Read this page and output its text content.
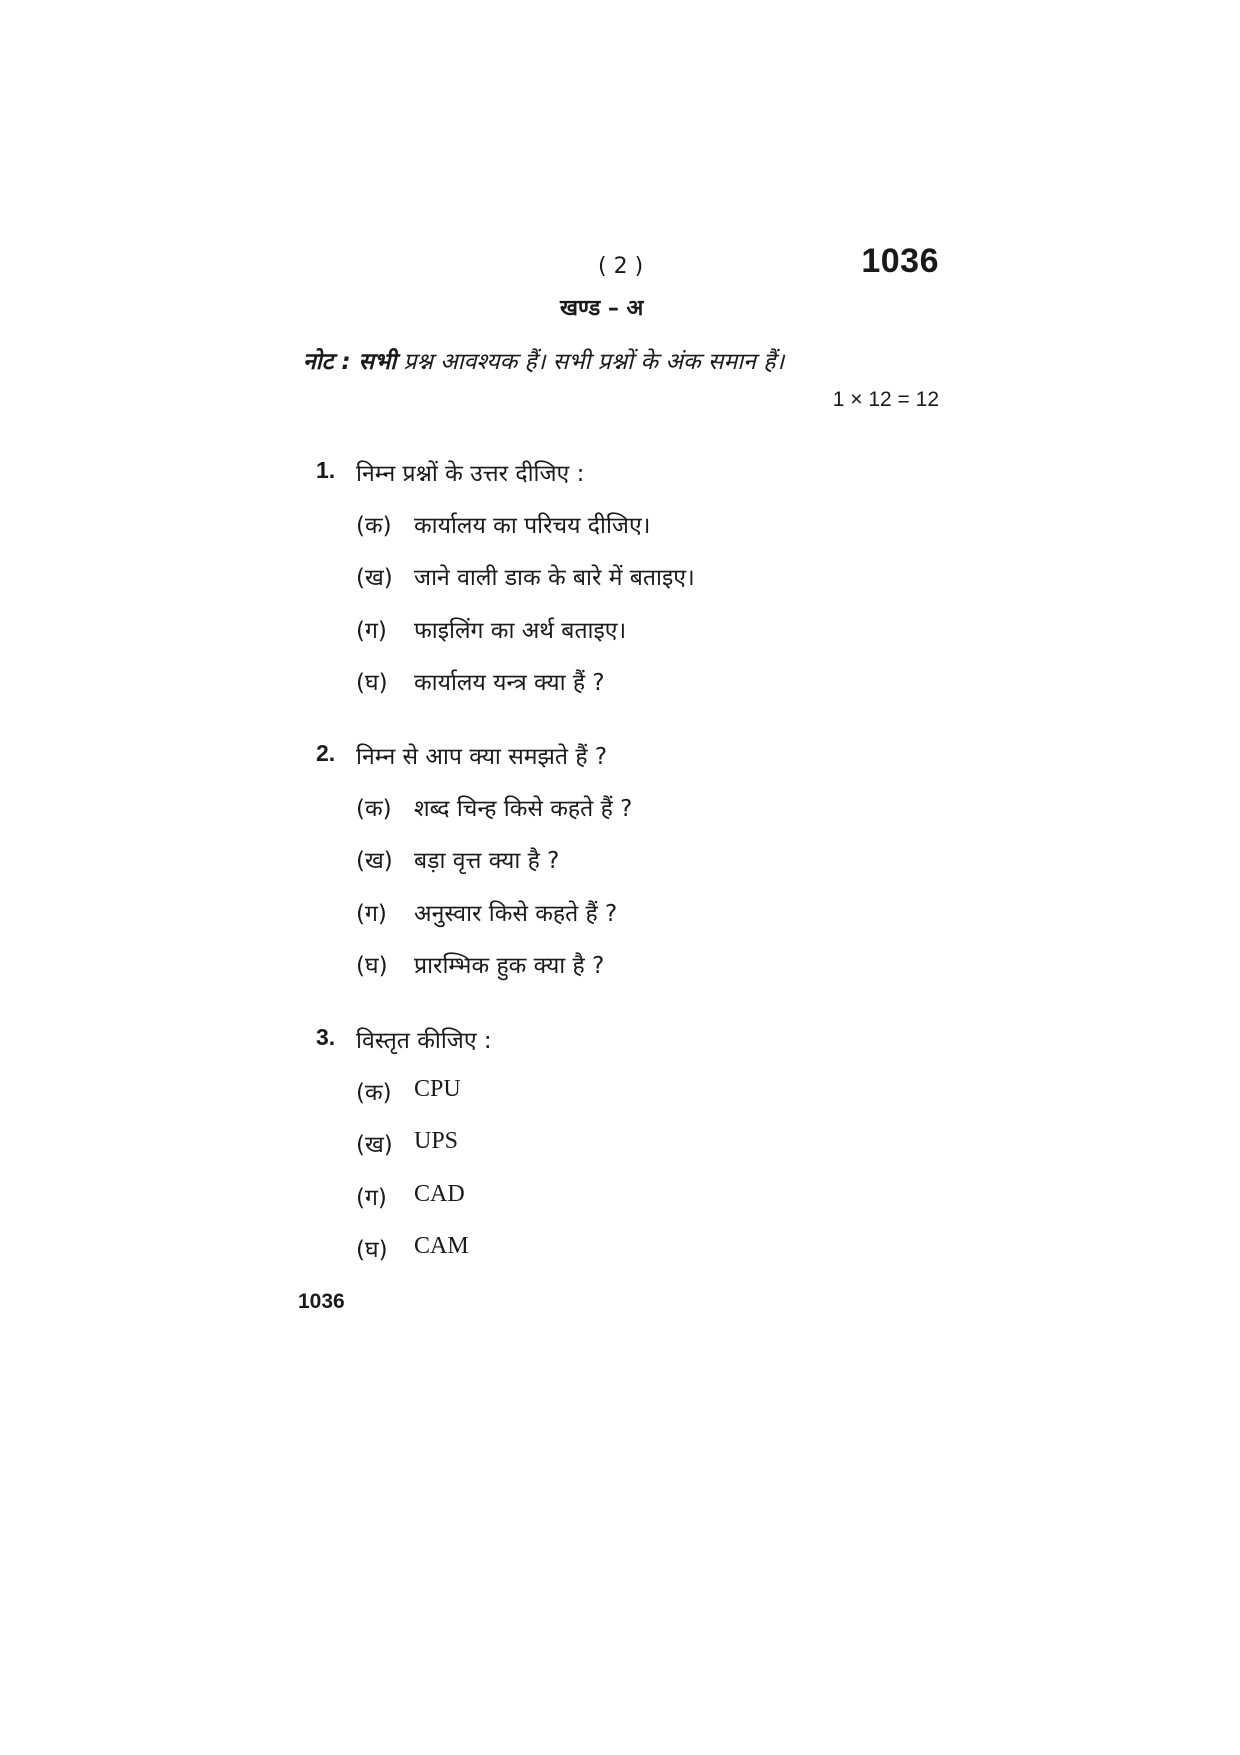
( 2 )	1036
खण्ड – अ
नोट : सभी प्रश्न आवश्यक हैं। सभी प्रश्नों के अंक समान हैं।
1 × 12 = 12
1. निम्न प्रश्नों के उत्तर दीजिए :
(क) कार्यालय का परिचय दीजिए।
(ख) जाने वाली डाक के बारे में बताइए।
(ग) फाइलिंग का अर्थ बताइए।
(घ) कार्यालय यन्त्र क्या हैं ?
2. निम्न से आप क्या समझते हैं ?
(क) शब्द चिन्ह किसे कहते हैं ?
(ख) बड़ा वृत्त क्या है ?
(ग) अनुस्वार किसे कहते हैं ?
(घ) प्रारम्भिक हुक क्या है ?
3. विस्तृत कीजिए :
(क) CPU
(ख) UPS
(ग) CAD
(घ) CAM
1036
